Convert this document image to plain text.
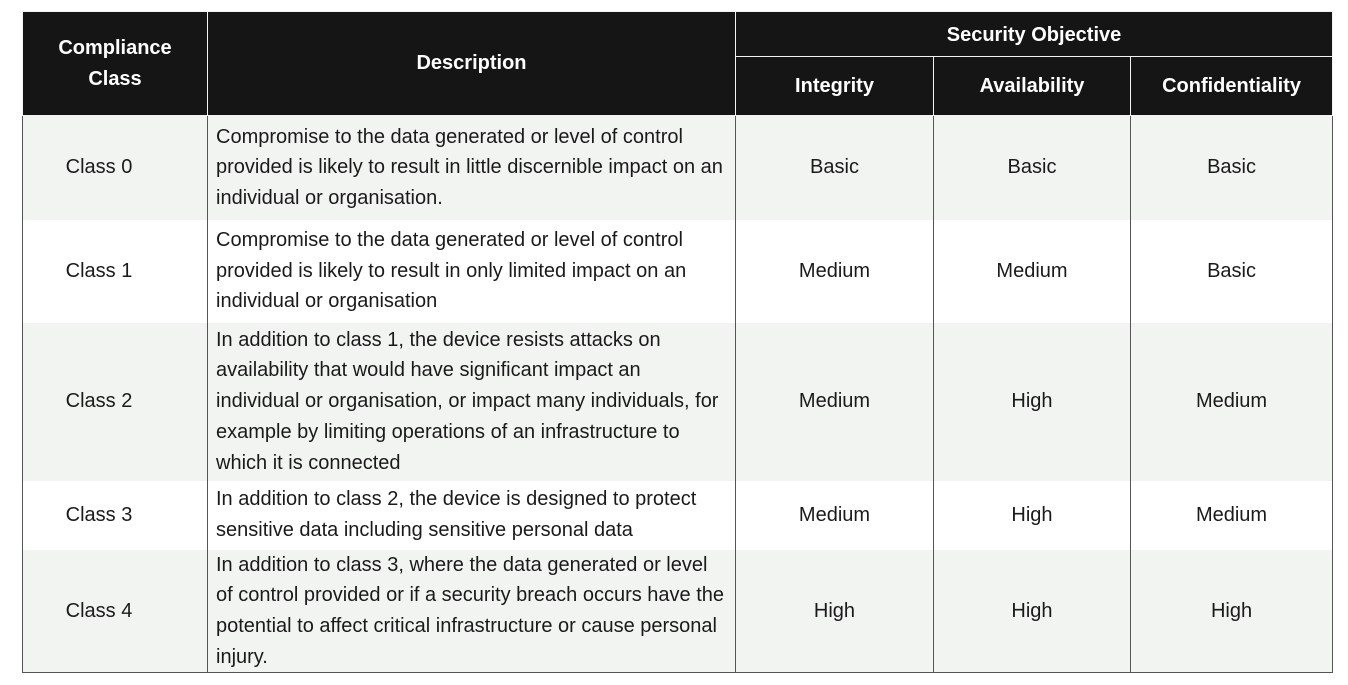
Compliance Class	Description	Security Objective		
		Integrity	Availability	Confidentiality
Class 0	Compromise to the data generated or level of control provided is likely to result in little discernible impact on an individual or organisation.	Basic	Basic	Basic
Class 1	Compromise to the data generated or level of control provided is likely to result in only limited impact on an individual or organisation	Medium	Medium	Basic
Class 2	In addition to class 1, the device resists attacks on availability that would have significant impact an individual or organisation, or impact many individuals, for example by limiting operations of an infrastructure to which it is connected	Medium	High	Medium
Class 3	In addition to class 2, the device is designed to protect sensitive data including sensitive personal data	Medium	High	Medium
Class 4	In addition to class 3, where the data generated or level of control provided or if a security breach occurs have the potential to affect critical infrastructure or cause personal injury.	High	High	High
